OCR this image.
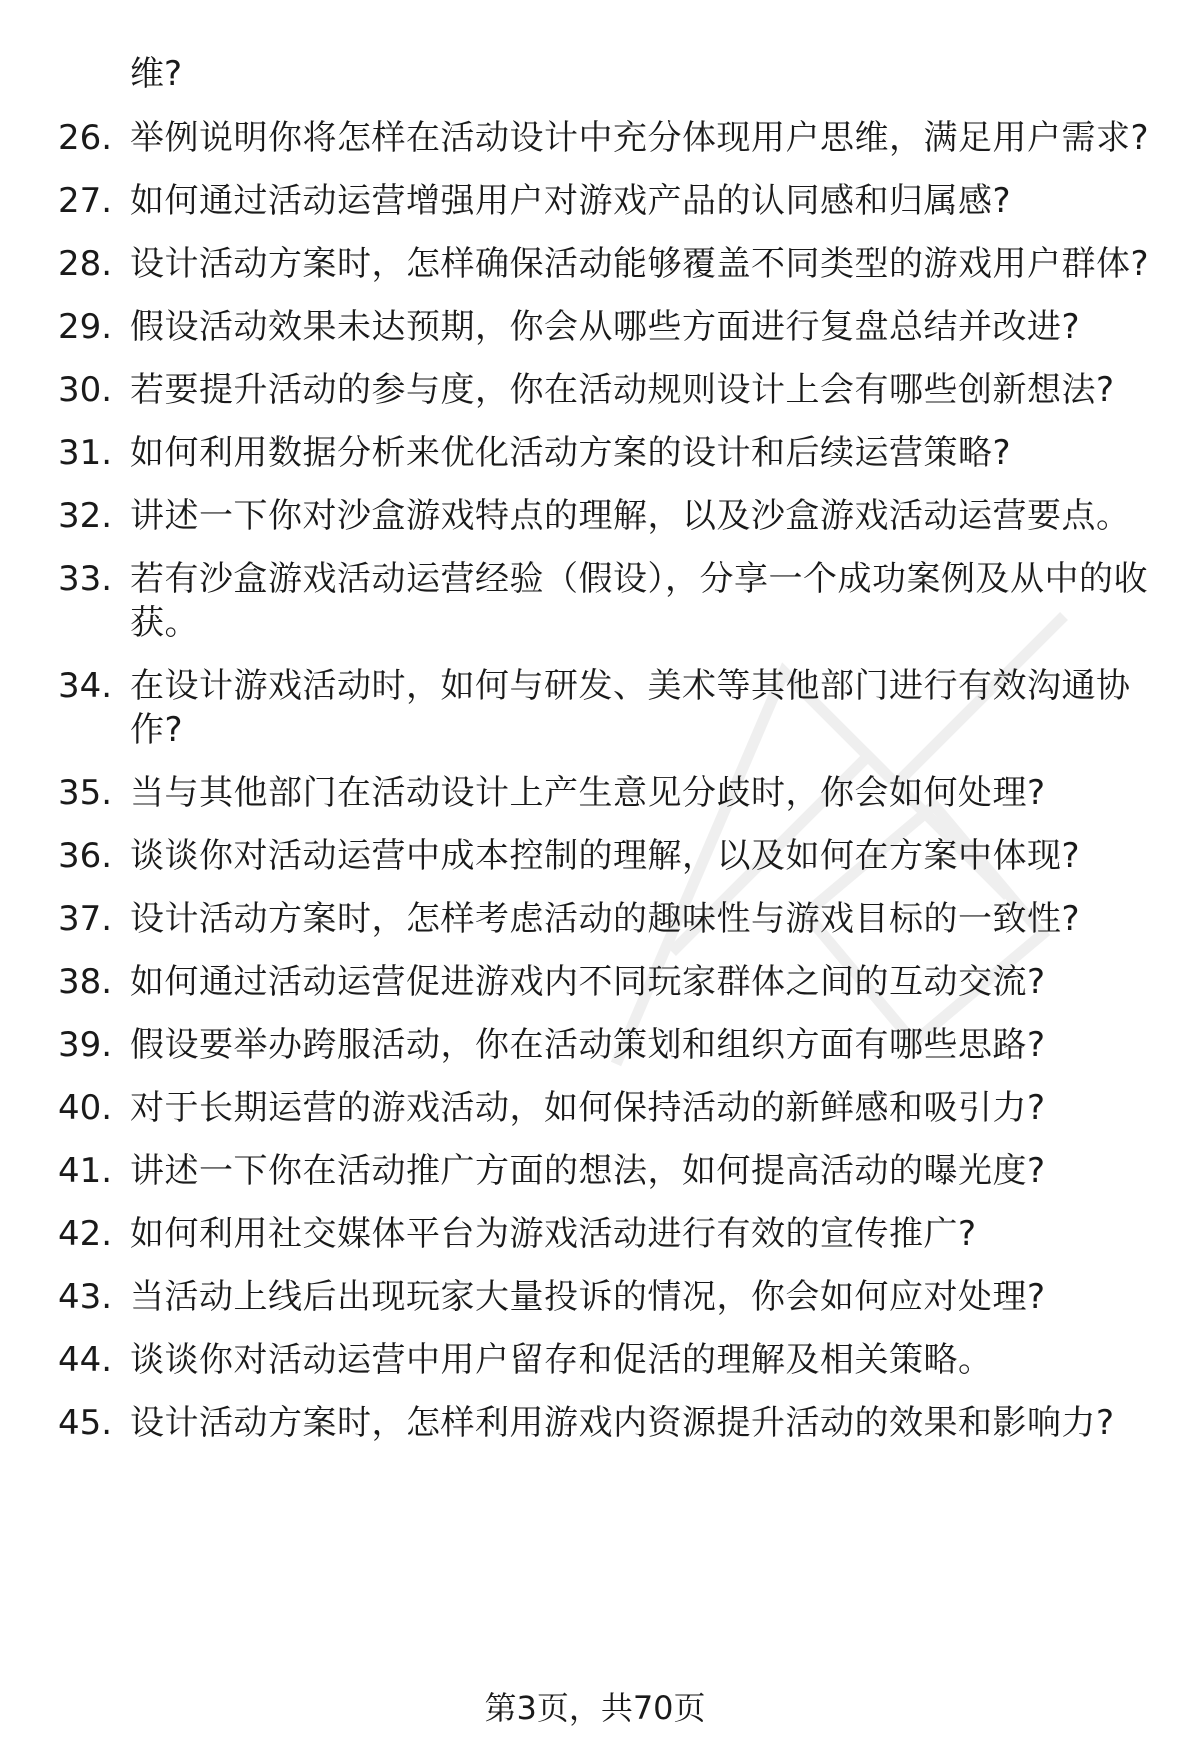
维?
26. 举例说明你将怎样在活动设计中充分体现用户思维，满足用户需求?
27. 如何通过活动运营增强用户对游戏产品的认同感和归属感?
28. 设计活动方案时，怎样确保活动能够覆盖不同类型的游戏用户群体?
29. 假设活动效果未达预期，你会从哪些方面进行复盘总结并改进?
30. 若要提升活动的参与度，你在活动规则设计上会有哪些创新想法?
31. 如何利用数据分析来优化活动方案的设计和后续运营策略?
32. 讲述一下你对沙盒游戏特点的理解，以及沙盒游戏活动运营要点。
33. 若有沙盒游戏活动运营经验（假设），分享一个成功案例及从中的收获。
34. 在设计游戏活动时，如何与研发、美术等其他部门进行有效沟通协作?
35. 当与其他部门在活动设计上产生意见分歧时，你会如何处理?
36. 谈谈你对活动运营中成本控制的理解，以及如何在方案中体现?
37. 设计活动方案时，怎样考虑活动的趣味性与游戏目标的一致性?
38. 如何通过活动运营促进游戏内不同玩家群体之间的互动交流?
39. 假设要举办跨服活动，你在活动策划和组织方面有哪些思路?
40. 对于长期运营的游戏活动，如何保持活动的新鲜感和吸引力?
41. 讲述一下你在活动推广方面的想法，如何提高活动的曝光度?
42. 如何利用社交媒体平台为游戏活动进行有效的宣传推广?
43. 当活动上线后出现玩家大量投诉的情况，你会如何应对处理?
44. 谈谈你对活动运营中用户留存和促活的理解及相关策略。
45. 设计活动方案时，怎样利用游戏内资源提升活动的效果和影响力?
第3页，共70页
